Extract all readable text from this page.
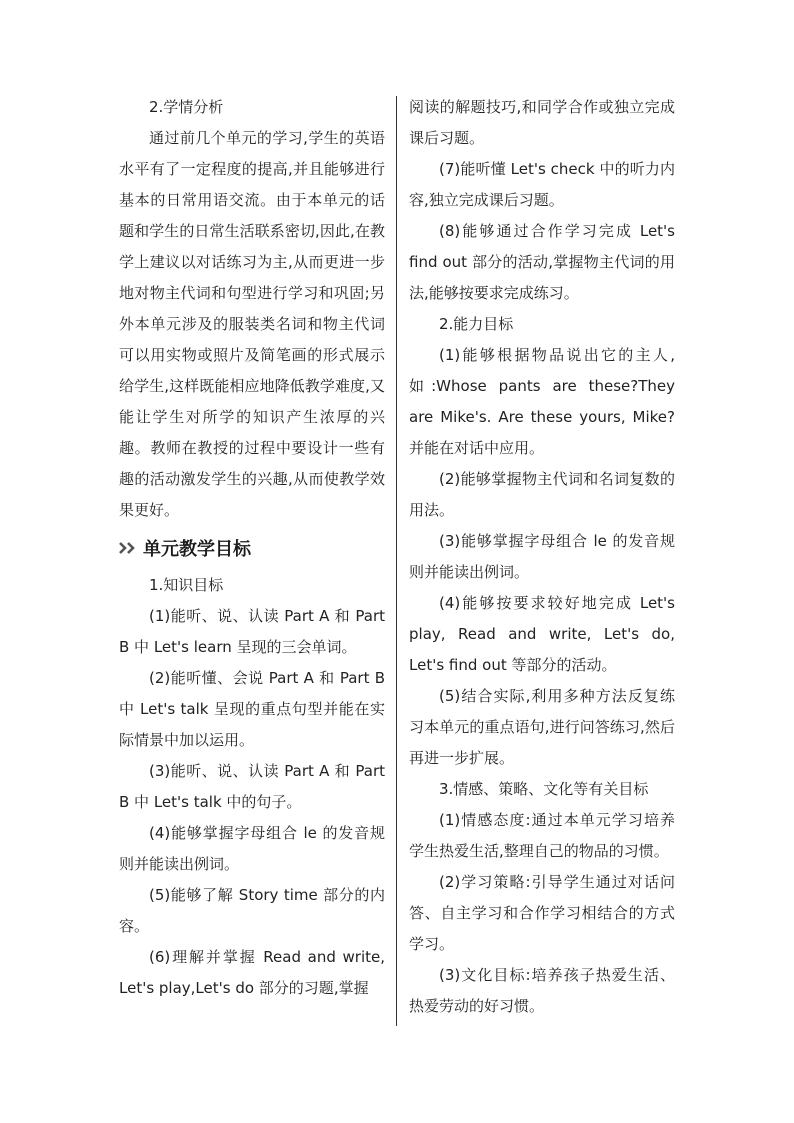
2.学情分析

通过前几个单元的学习,学生的英语水平有了一定程度的提高,并且能够进行基本的日常用语交流。由于本单元的话题和学生的日常生活联系密切,因此,在教学上建议以对话练习为主,从而更进一步地对物主代词和句型进行学习和巩固;另外本单元涉及的服装类名词和物主代词可以用实物或照片及简笔画的形式展示给学生,这样既能相应地降低教学难度,又能让学生对所学的知识产生浓厚的兴趣。教师在教授的过程中要设计一些有趣的活动激发学生的兴趣,从而使教学效果更好。

单元教学目标

1.知识目标

(1)能听、说、认读 Part A 和 Part B 中 Let's learn 呈现的三会单词。

(2)能听懂、会说 Part A 和 Part B 中 Let's talk 呈现的重点句型并能在实际情景中加以运用。

(3)能听、说、认读 Part A 和 Part B 中 Let's talk 中的句子。

(4)能够掌握字母组合 le 的发音规则并能读出例词。

(5)能够了解 Story time 部分的内容。

(6)理解并掌握 Read and write, Let's play,Let's do 部分的习题,掌握

阅读的解题技巧,和同学合作或独立完成课后习题。

(7)能听懂 Let's check 中的听力内容,独立完成课后习题。

(8)能够通过合作学习完成 Let's find out 部分的活动,掌握物主代词的用法,能够按要求完成练习。

2.能力目标

(1)能够根据物品说出它的主人,如:Whose pants are these?They are Mike's. Are these yours, Mike?并能在对话中应用。

(2)能够掌握物主代词和名词复数的用法。

(3)能够掌握字母组合 le 的发音规则并能读出例词。

(4)能够按要求较好地完成 Let's play, Read and write, Let's do, Let's find out 等部分的活动。

(5)结合实际,利用多种方法反复练习本单元的重点语句,进行问答练习,然后再进一步扩展。

3.情感、策略、文化等有关目标

(1)情感态度:通过本单元学习培养学生热爱生活,整理自己的物品的习惯。

(2)学习策略:引导学生通过对话问答、自主学习和合作学习相结合的方式学习。

(3)文化目标:培养孩子热爱生活、热爱劳动的好习惯。
